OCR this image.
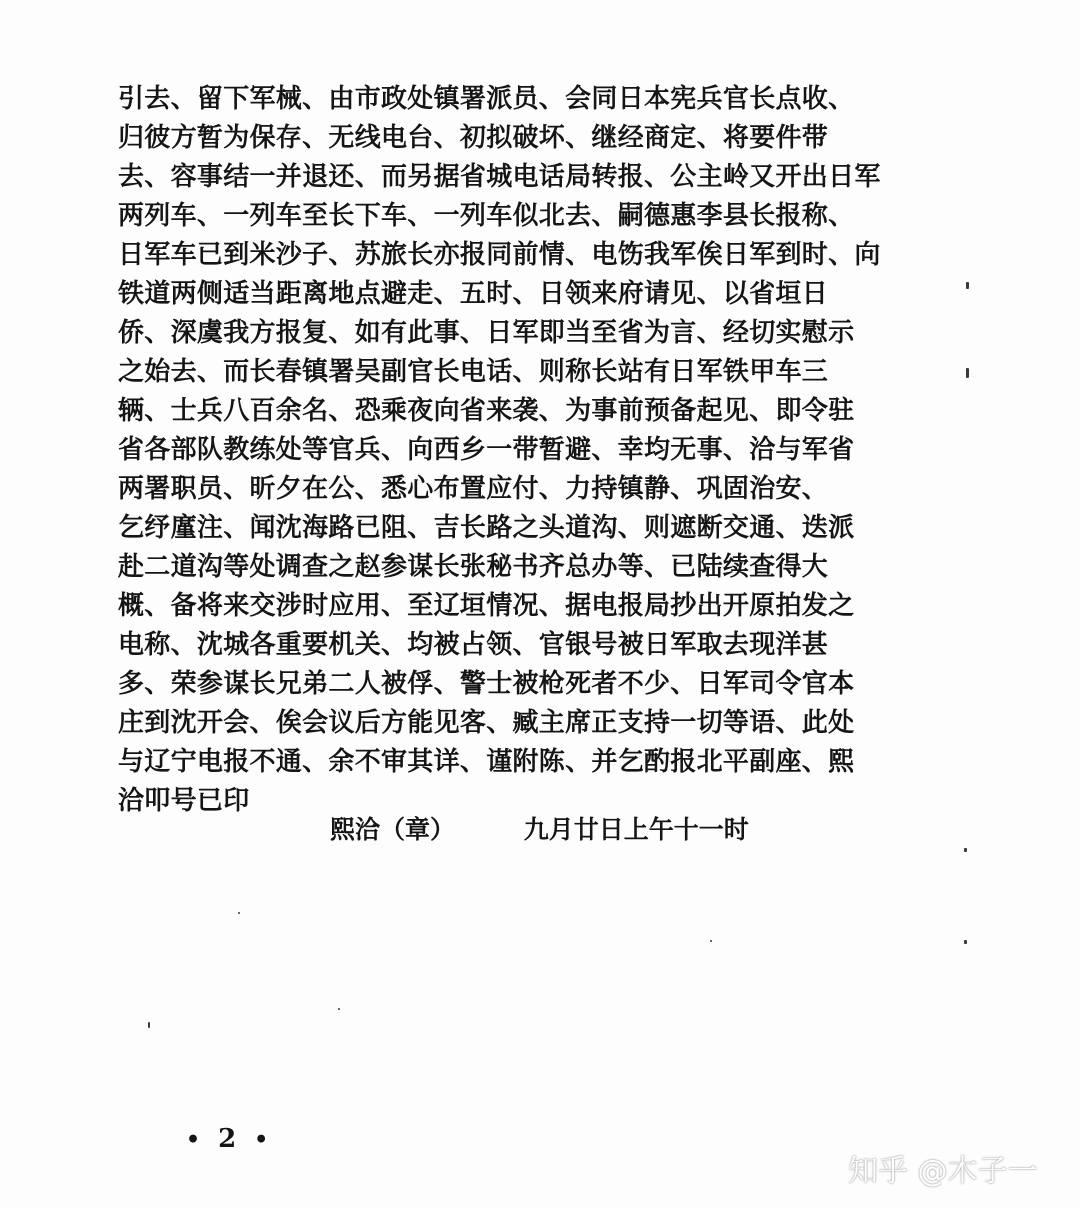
引去、留下军械、由市政处镇署派员、会同日本宪兵官长点收、
归彼方暂为保存、无线电台、初拟破坏、继经商定、将要件带
去、容事结一并退还、而另据省城电话局转报、公主岭又开出日军
两列车、一列车至长下车、一列车似北去、嗣德惠李县长报称、
日军车已到米沙子、苏旅长亦报同前情、电饬我军俟日军到时、向
铁道两侧适当距离地点避走、五时、日领来府请见、以省垣日
侨、深虞我方报复、如有此事、日军即当至省为言、经切实慰示
之始去、而长春镇署吴副官长电话、则称长站有日军铁甲车三
辆、士兵八百余名、恐乘夜向省来袭、为事前预备起见、即令驻
省各部队教练处等官兵、向西乡一带暂避、幸均无事、洽与军省
两署职员、昕夕在公、悉心布置应付、力持镇静、巩固治安、
乞纾廑注、闻沈海路已阻、吉长路之头道沟、则遮断交通、迭派
赴二道沟等处调查之赵参谋长张秘书齐总办等、已陆续查得大
概、备将来交涉时应用、至辽垣情况、据电报局抄出开原拍发之
电称、沈城各重要机关、均被占领、官银号被日军取去现洋甚
多、荣参谋长兄弟二人被俘、警士被枪死者不少、日军司令官本
庄到沈开会、俟会议后方能见客、臧主席正支持一切等语、此处
与辽宁电报不通、余不审其详、谨附陈、并乞酌报北平副座、熙
洽叩号已印
熙洽（章）	九月廿日上午十一时
• 2 •
知乎 @木子一
